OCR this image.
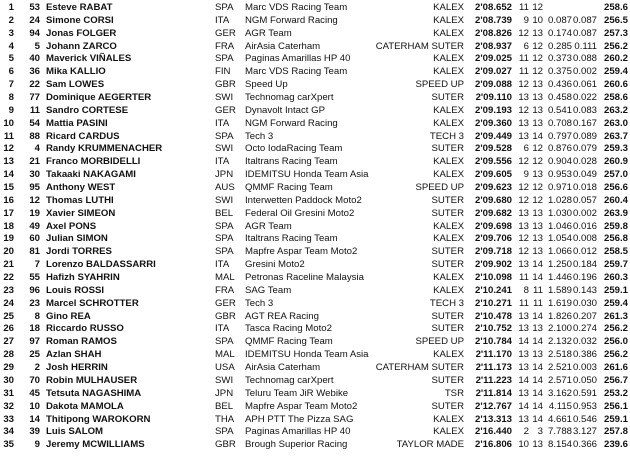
1	53 Esteve RABAT	SPA Marc VDS Racing Team	KALEX	2'08.652 11 12	258.6
2	24 Simone CORSI	ITA NGM Forward Racing	KALEX	2'08.739	9 10 0.087 0.087 256.5
3	94 Jonas FOLGER	GER AGR Team	KALEX	2'08.826 12 13 0.174 0.087 257.3
4	5 Johann ZARCO	FRA AirAsia Caterham	CATERHAM SUTER	2'08.937	6 12 0.285 0.111 256.2
5	40 Maverick VIÑALES	SPA Paginas Amarillas HP 40	KALEX	2'09.025 11 12 0.373 0.088 260.2
6	36 Mika KALLIO	FIN Marc VDS Racing Team	KALEX	2'09.027 11 12 0.375 0.002 259.4
7	22 Sam LOWES	GBR Speed Up	SPEED UP	2'09.088 12 13 0.436 0.061 260.6
8	77 Dominique AEGERTER	SWI Technomag carXpert	SUTER	2'09.110 13 13 0.458 0.022 258.6
9	11 Sandro CORTESE	GER Dynavolt Intact GP	KALEX	2'09.193 12 13 0.541 0.083 263.2
10	54 Mattia PASINI	ITA NGM Forward Racing	KALEX	2'09.360 13 13 0.708 0.167 263.0
11	88 Ricard CARDUS	SPA Tech 3	TECH 3	2'09.449 13 14 0.797 0.089 263.7
12	4 Randy KRUMMENACHER	SWI Octo IodaRacing Team	SUTER	2'09.528	6 12 0.876 0.079 259.3
13	21 Franco MORBIDELLI	ITA Italtrans Racing Team	KALEX	2'09.556 12 12 0.904 0.028 260.9
14	30 Takaaki NAKAGAMI	JPN IDEMITSU Honda Team Asia	KALEX	2'09.605	9 13 0.953 0.049 257.0
15	95 Anthony WEST	AUS QMMF Racing Team	SPEED UP	2'09.623 12 12 0.971 0.018 256.6
16	12 Thomas LUTHI	SWI Interwetten Paddock Moto2	SUTER	2'09.680 12 12 1.028 0.057 260.4
17	19 Xavier SIMEON	BEL Federal Oil Gresini Moto2	SUTER	2'09.682 13 13 1.030 0.002 263.9
18	49 Axel PONS	SPA AGR Team	KALEX	2'09.698 13 13 1.046 0.016 259.8
19	60 Julian SIMON	SPA Italtrans Racing Team	KALEX	2'09.706 12 13 1.054 0.008 256.8
20	81 Jordi TORRES	SPA Mapfre Aspar Team Moto2	SUTER	2'09.718 12 13 1.066 0.012 258.5
21	7 Lorenzo BALDASSARRI	ITA Gresini Moto2	SUTER	2'09.902 13 14 1.250 0.184 259.7
22	55 Hafizh SYAHRIN	MAL Petronas Raceline Malaysia	KALEX	2'10.098 11 14 1.446 0.196 260.3
23	96 Louis ROSSI	FRA SAG Team	KALEX	2'10.241	8 11 1.589 0.143 259.1
24	23 Marcel SCHROTTER	GER Tech 3	TECH 3	2'10.271 11 11 1.619 0.030 259.4
25	8 Gino REA	GBR AGT REA Racing	SUTER	2'10.478 13 14 1.826 0.207 261.3
26	18 Riccardo RUSSO	ITA Tasca Racing Moto2	SUTER	2'10.752 13 13 2.100 0.274 256.2
27	97 Roman RAMOS	SPA QMMF Racing Team	SPEED UP	2'10.784 14 14 2.132 0.032 256.0
28	25 Azlan SHAH	MAL IDEMITSU Honda Team Asia	KALEX	2'11.170 13 13 2.518 0.386 256.2
29	2 Josh HERRIN	USA AirAsia Caterham	CATERHAM SUTER	2'11.173 13 14 2.521 0.003 261.6
30	70 Robin MULHAUSER	SWI Technomag carXpert	SUTER	2'11.223 14 14 2.571 0.050 256.7
31	45 Tetsuta NAGASHIMA	JPN Teluru Team JiR Webike	TSR	2'11.814 13 14 3.162 0.591 253.2
32	10 Dakota MAMOLA	BEL Mapfre Aspar Team Moto2	SUTER	2'12.767 14 14 4.115 0.953 256.1
33	14 Thitipong WAROKORN	THA APH PTT The Pizza SAG	KALEX	2'13.313 13 14 4.661 0.546 259.1
34	39 Luis SALOM	SPA Paginas Amarillas HP 40	KALEX	2'16.440	2 3 7.788 3.127 257.8
35	9 Jeremy MCWILLIAMS	GBR Brough Superior Racing	TAYLOR MADE	2'16.806 10 13 8.154 0.366 239.6
